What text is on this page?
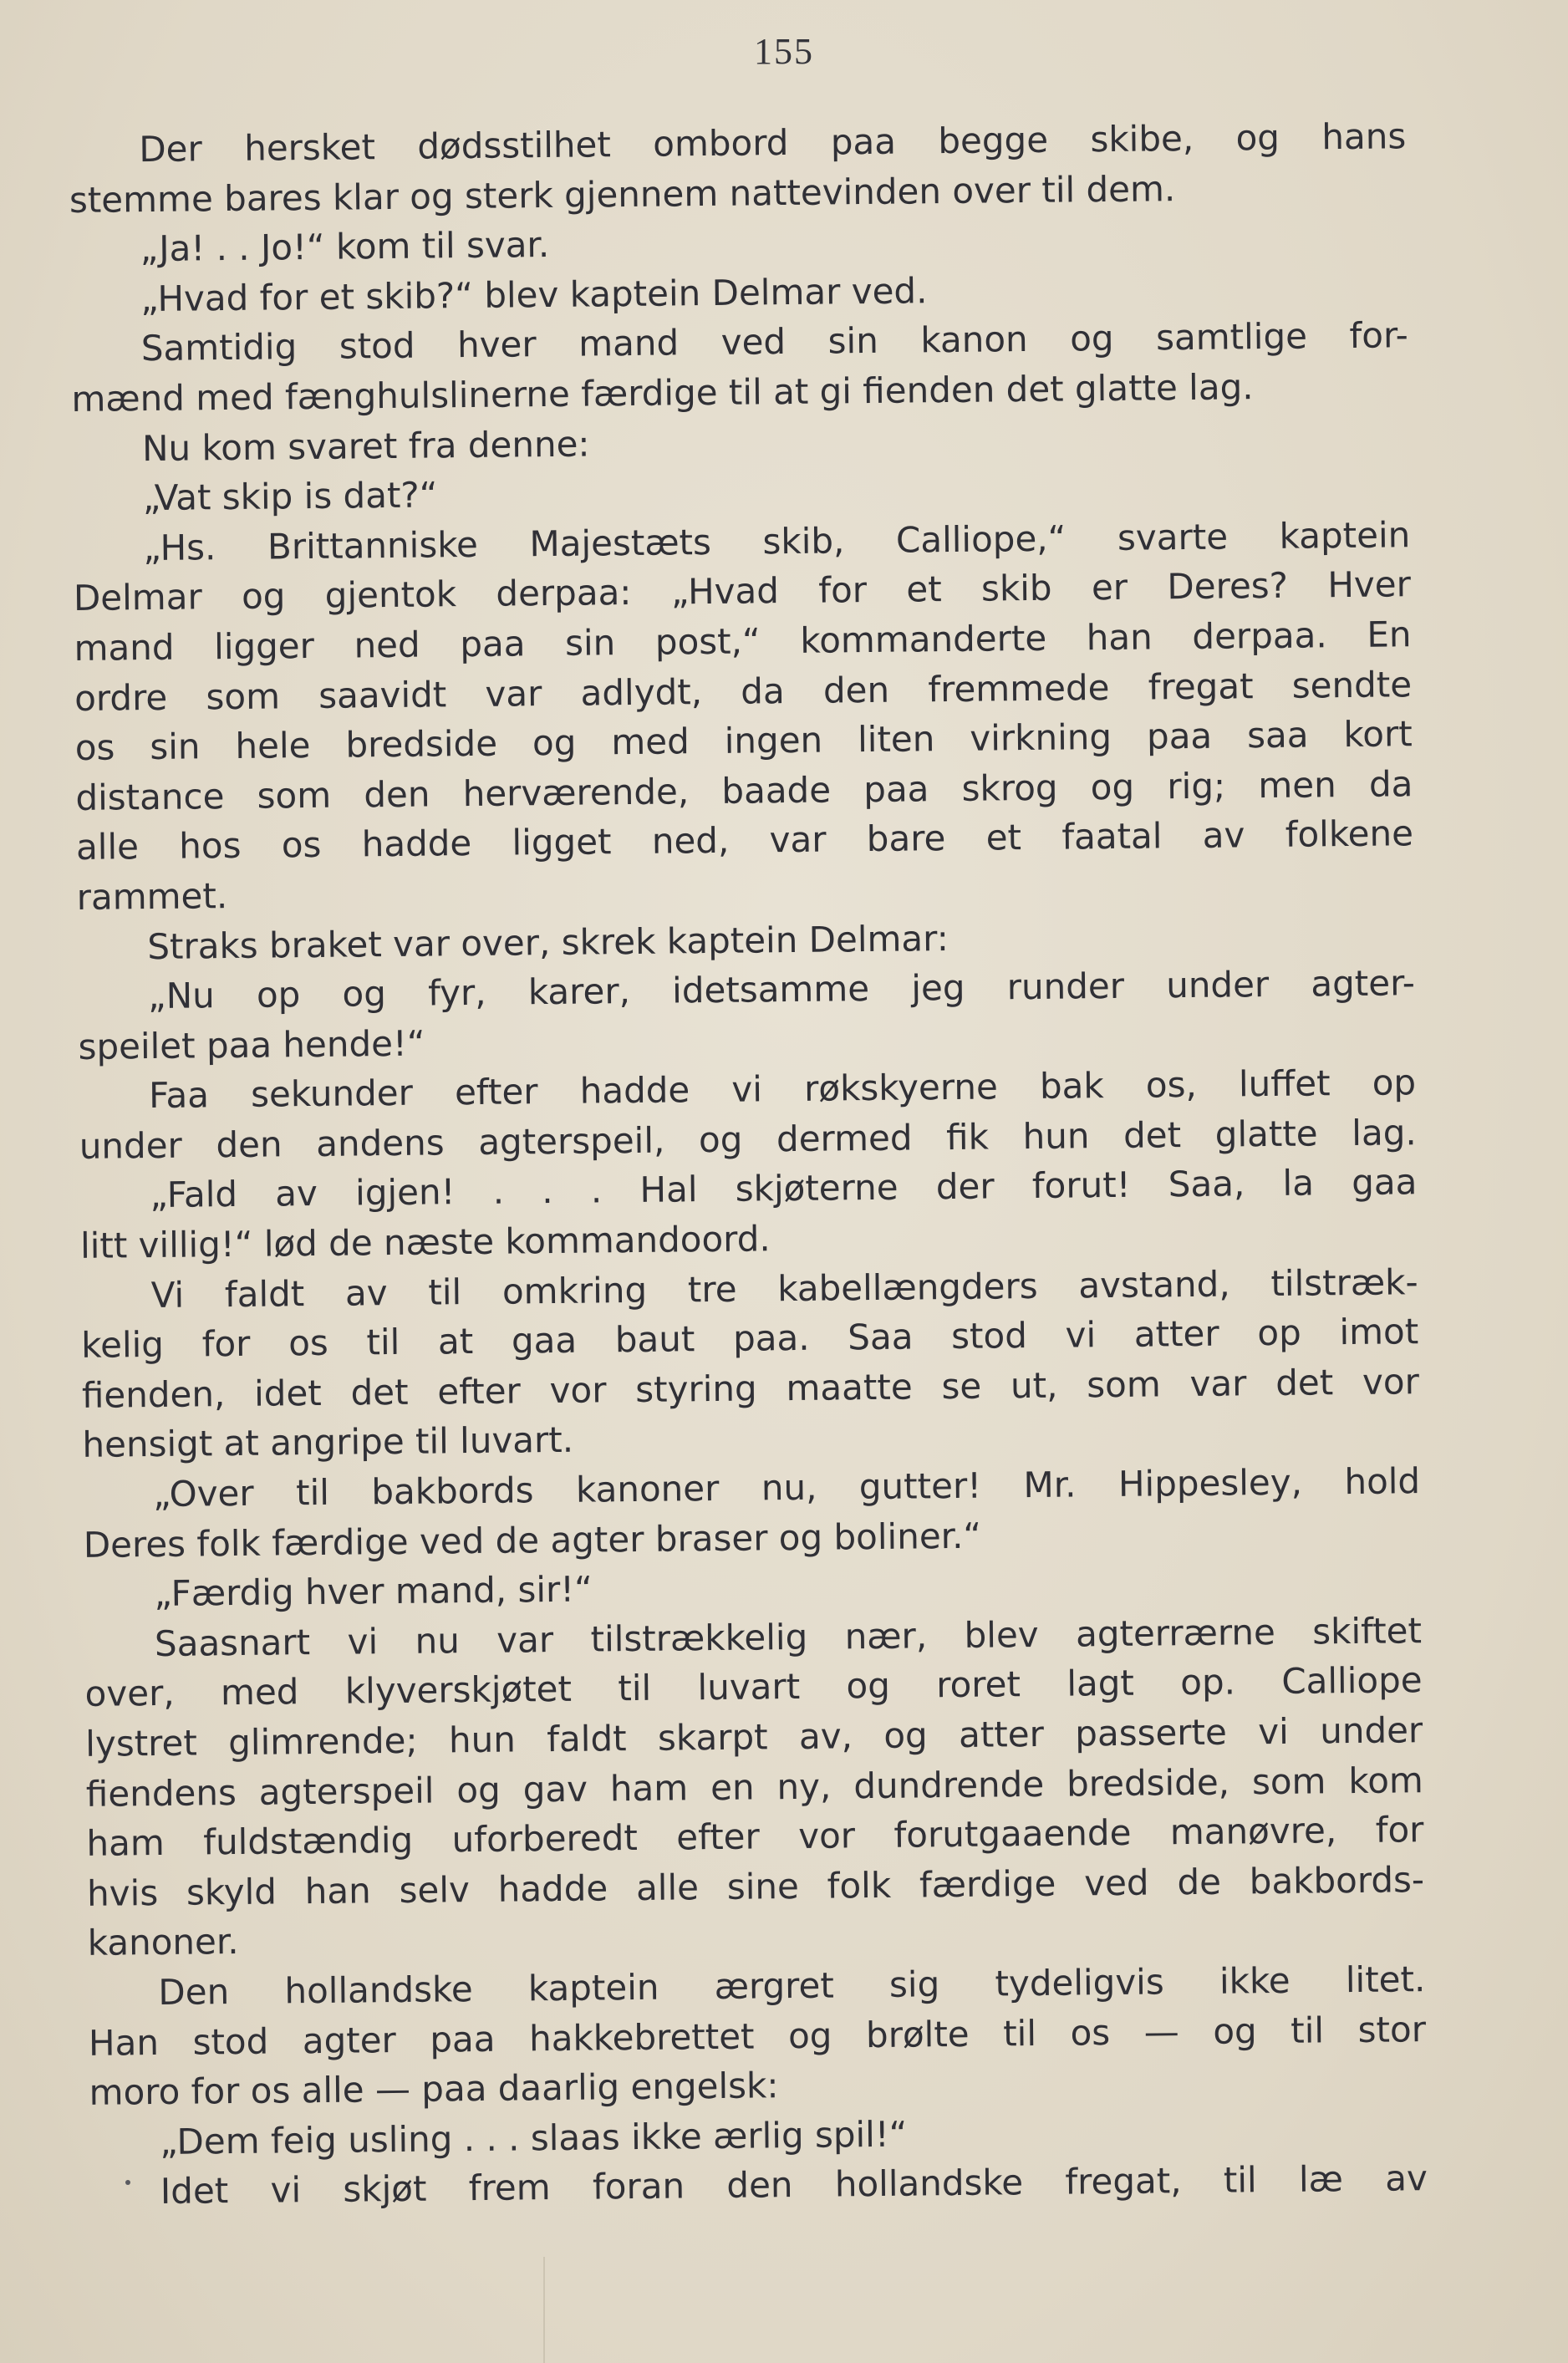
155
Der hersket dødsstilhet ombord paa begge skibe, og hans
stemme bares klar og sterk gjennem nattevinden over til dem.
„Ja! . . Jo!“ kom til svar.
„Hvad for et skib?“ blev kaptein Delmar ved.
Samtidig stod hver mand ved sin kanon og samtlige for-
mænd med fænghulslinerne færdige til at gi fienden det glatte lag.
Nu kom svaret fra denne:
„Vat skip is dat?“
„Hs. Brittanniske Majestæts skib, Calliope,“ svarte kaptein
Delmar og gjentok derpaa: „Hvad for et skib er Deres? Hver
mand ligger ned paa sin post,“ kommanderte han derpaa. En
ordre som saavidt var adlydt, da den fremmede fregat sendte
os sin hele bredside og med ingen liten virkning paa saa kort
distance som den herværende, baade paa skrog og rig; men da
alle hos os hadde ligget ned, var bare et faatal av folkene
rammet.
Straks braket var over, skrek kaptein Delmar:
„Nu op og fyr, karer, idetsamme jeg runder under agter-
speilet paa hende!“
Faa sekunder efter hadde vi røkskyerne bak os, luffet op
under den andens agterspeil, og dermed fik hun det glatte lag.
„Fald av igjen! . . . Hal skjøterne der forut! Saa, la gaa
litt villig!“ lød de næste kommandoord.
Vi faldt av til omkring tre kabellængders avstand, tilstræk-
kelig for os til at gaa baut paa. Saa stod vi atter op imot
fienden, idet det efter vor styring maatte se ut, som var det vor
hensigt at angripe til luvart.
„Over til bakbords kanoner nu, gutter! Mr. Hippesley, hold
Deres folk færdige ved de agter braser og boliner.“
„Færdig hver mand, sir!“
Saasnart vi nu var tilstrækkelig nær, blev agterrærne skiftet
over, med klyverskjøtet til luvart og roret lagt op. Calliope
lystret glimrende; hun faldt skarpt av, og atter passerte vi under
fiendens agterspeil og gav ham en ny, dundrende bredside, som kom
ham fuldstændig uforberedt efter vor forutgaaende manøvre, for
hvis skyld han selv hadde alle sine folk færdige ved de bakbords-
kanoner.
Den hollandske kaptein ærgret sig tydeligvis ikke litet.
Han stod agter paa hakkebrettet og brølte til os — og til stor
moro for os alle — paa daarlig engelsk:
„Dem feig usling . . . slaas ikke ærlig spil!“
Idet vi skjøt frem foran den hollandske fregat, til læ av
